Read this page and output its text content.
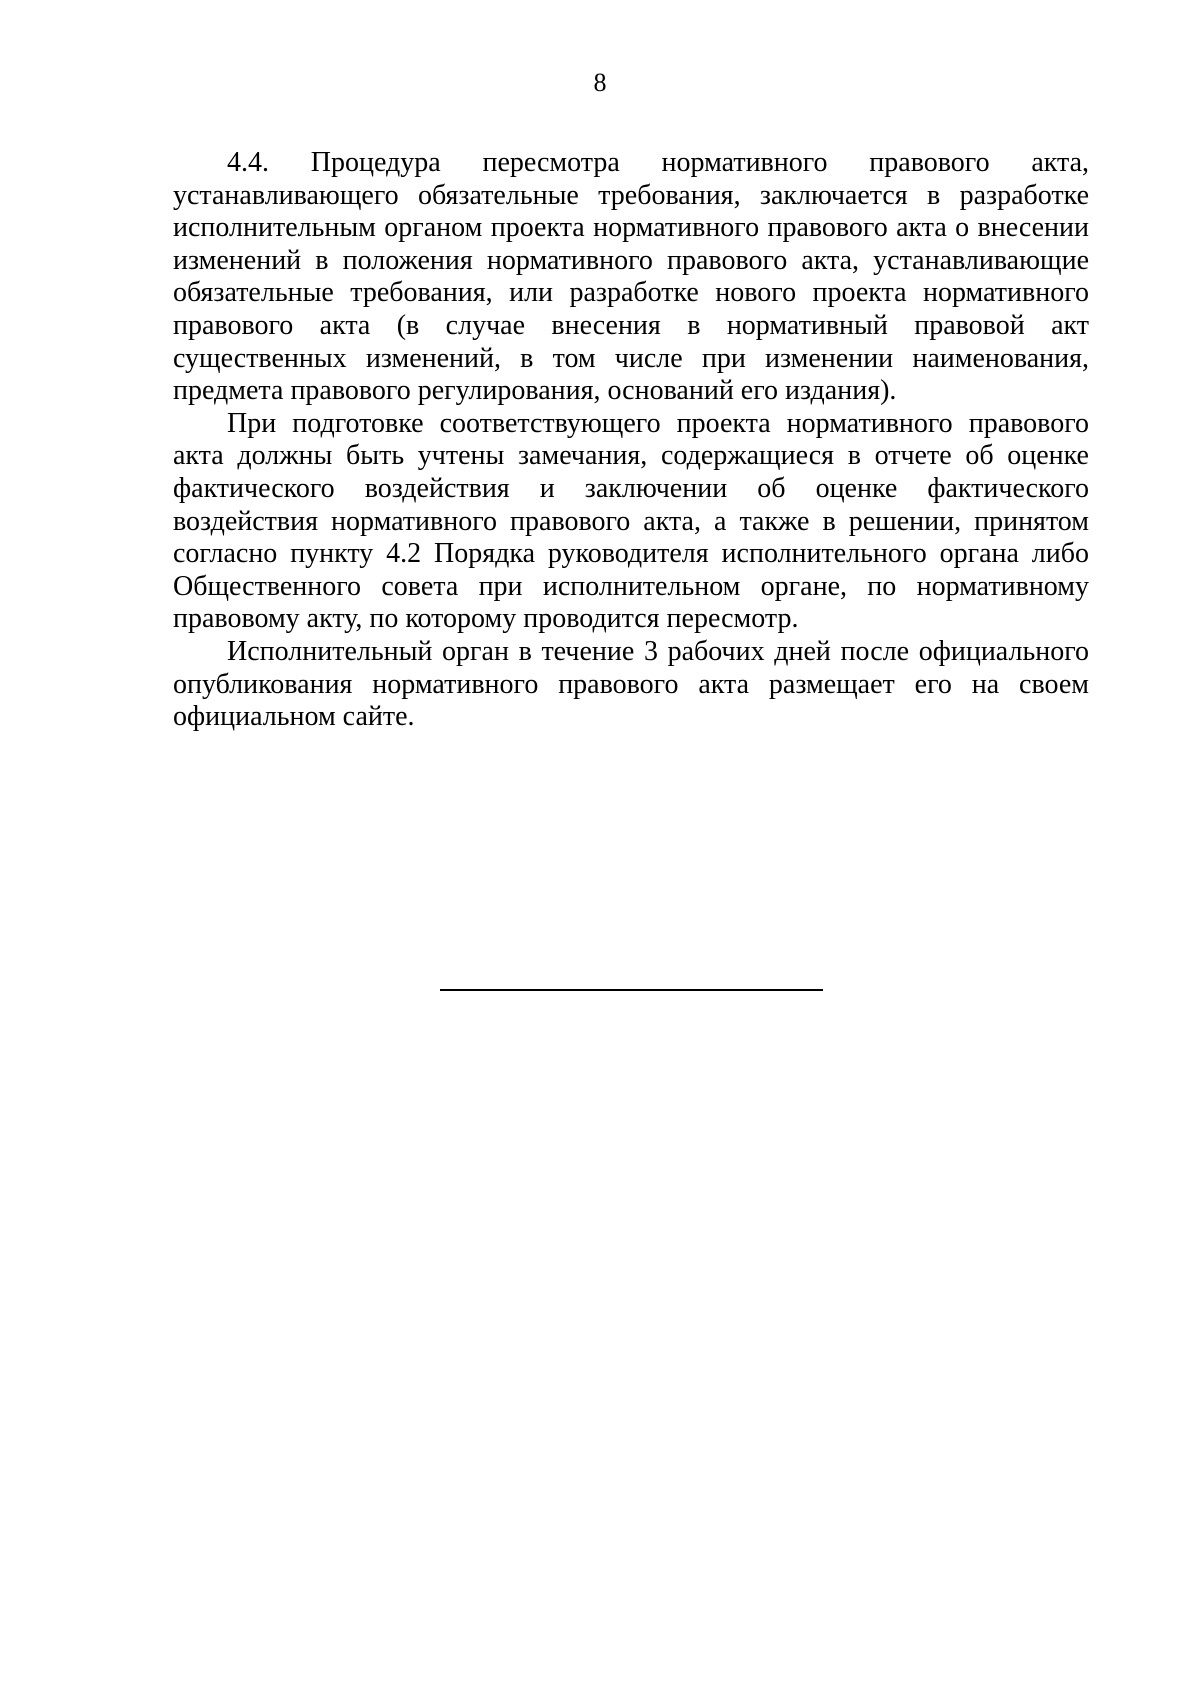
8

4.4. Процедура пересмотра нормативного правового акта, устанавливающего обязательные требования, заключается в разработке исполнительным органом проекта нормативного правового акта о внесении изменений в положения нормативного правового акта, устанавливающие обязательные требования, или разработке нового проекта нормативного правового акта (в случае внесения в нормативный правовой акт существенных изменений, в том числе при изменении наименования, предмета правового регулирования, оснований его издания).

При подготовке соответствующего проекта нормативного правового акта должны быть учтены замечания, содержащиеся в отчете об оценке фактического воздействия и заключении об оценке фактического воздействия нормативного правового акта, а также в решении, принятом согласно пункту 4.2 Порядка руководителя исполнительного органа либо Общественного совета при исполнительном органе, по нормативному правовому акту, по которому проводится пересмотр.

Исполнительный орган в течение 3 рабочих дней после официального опубликования нормативного правового акта размещает его на своем официальном сайте.
